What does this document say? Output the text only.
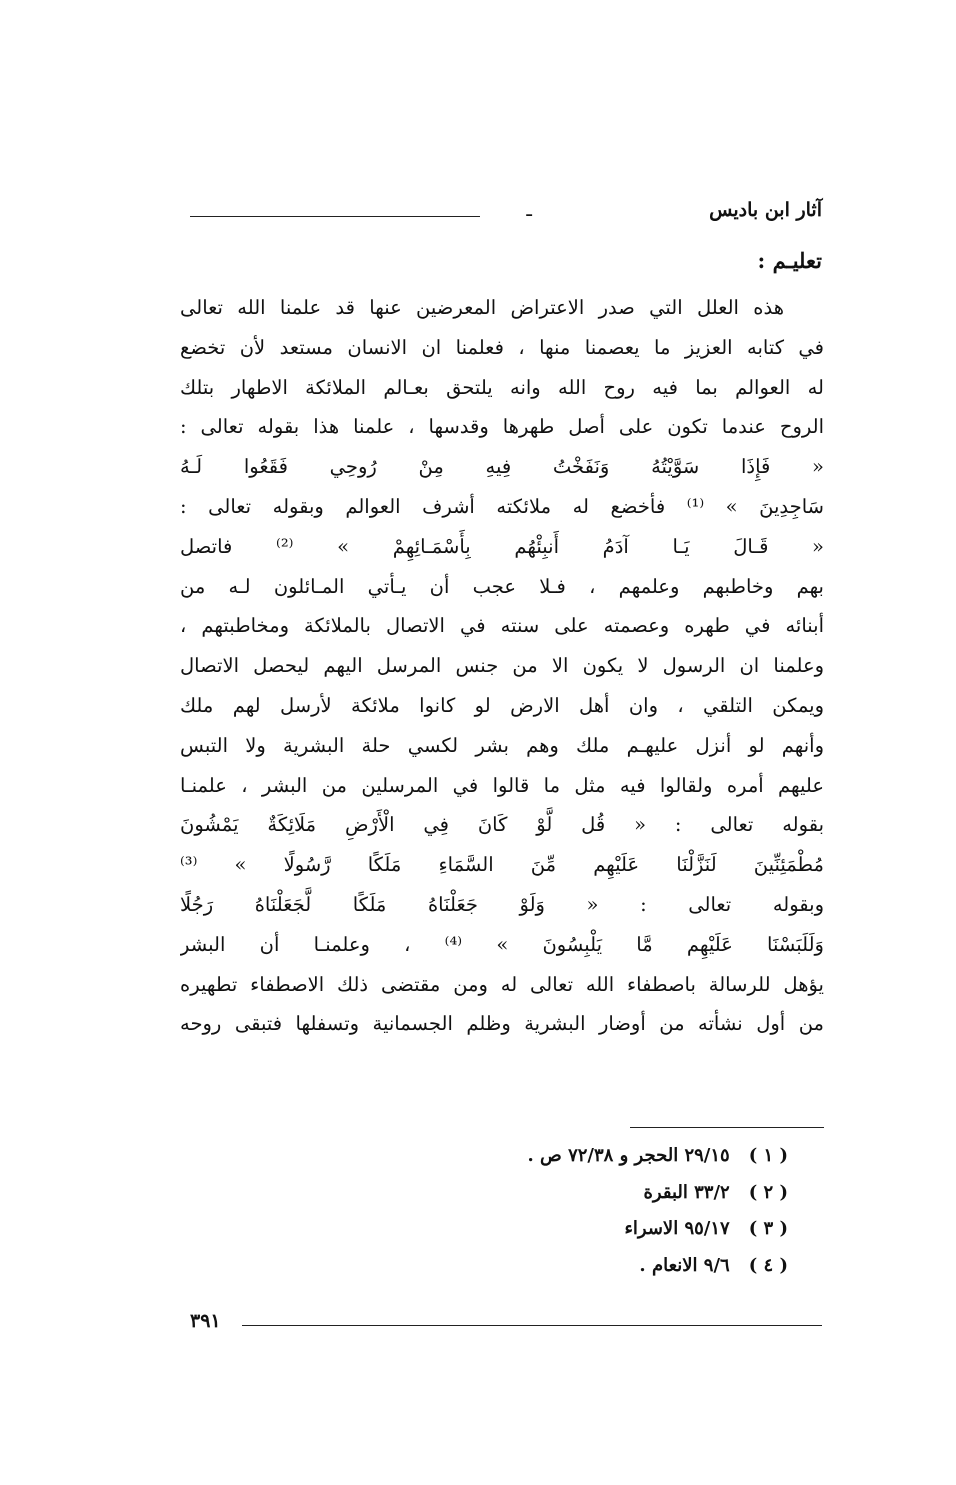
آثار ابن باديس
ـ
تعليـم :
هذه العلل التي صدر الاعتراض المعرضين عنها قد علمنا الله تعالى
في كتابه العزيز ما يعصمنا منها ، فعلمنا ان الانسان مستعد لأن تخضع
له العوالم بما فيه روح الله وانه يلتحق بعـالم الملائكة الاطهار بتلك
الروح عندما تكون على أصل طهرها وقدسها ، علمنا هذا بقوله تعالى :
« فَإِذَا سَوَّيْتُهُ وَنَفَخْتُ فِيهِ مِنْ رُوحِي فَقَعُوا لَـهُ
سَاجِدِينَ » ⁽¹⁾ فأخضع له ملائكته أشرف العوالم وبقوله تعالى :
« قَـالَ يَـا آدَمُ أَنبِئْهُم بِأَسْمَـائِهِمْ » ⁽²⁾ فاتصل
بهم وخاطبهم وعلمهم ، فـلا عجب أن يـأتي المـائلون لـه من
أبنائه في طهره وعصمته على سنته في الاتصال بالملائكة ومخاطبتهم ،
وعلمنا ان الرسول لا يكون الا من جنس المرسل اليهم ليحصل الاتصال
ويمكن التلقي ، وان أهل الارض لو كانوا ملائكة لأرسل لهم ملك
وأنهم لو أنزل عليهـم ملك وهم بشر لكسي حلة البشرية ولا التبس
عليهم أمره ولقالوا فيه مثل ما قالوا في المرسلين من البشر ، علمنـا
بقوله تعالى : « قُل لَّوْ كَانَ فِي الْأَرْضِ مَلَائِكَةٌ يَمْشُونَ
مُطْمَئِنِّينَ لَنَزَّلْنَا عَلَيْهِم مِّنَ السَّمَاءِ مَلَكًا رَّسُولًا » ⁽³⁾
وبقوله تعالى : « وَلَوْ جَعَلْنَاهُ مَلَكًا لَّجَعَلْنَاهُ رَجُلًا
وَلَلَبَسْنَا عَلَيْهِم مَّا يَلْبِسُونَ » ⁽⁴⁾ ، وعلمنـا أن البشر
يؤهل للرسالة باصطفاء الله تعالى له ومن مقتضى ذلك الاصطفاء تطهيره
من أول نشأته من أوضار البشرية وظلم الجسمانية وتسفلها فتبقى روحه
( ١ ) ٢٩/١٥ الحجر و ٧٢/٣٨ ص .
( ٢ ) ٣٣/٢ البقرة
( ٣ ) ٩٥/١٧ الاسراء
( ٤ ) ٩/٦ الانعام .
٣٩١
